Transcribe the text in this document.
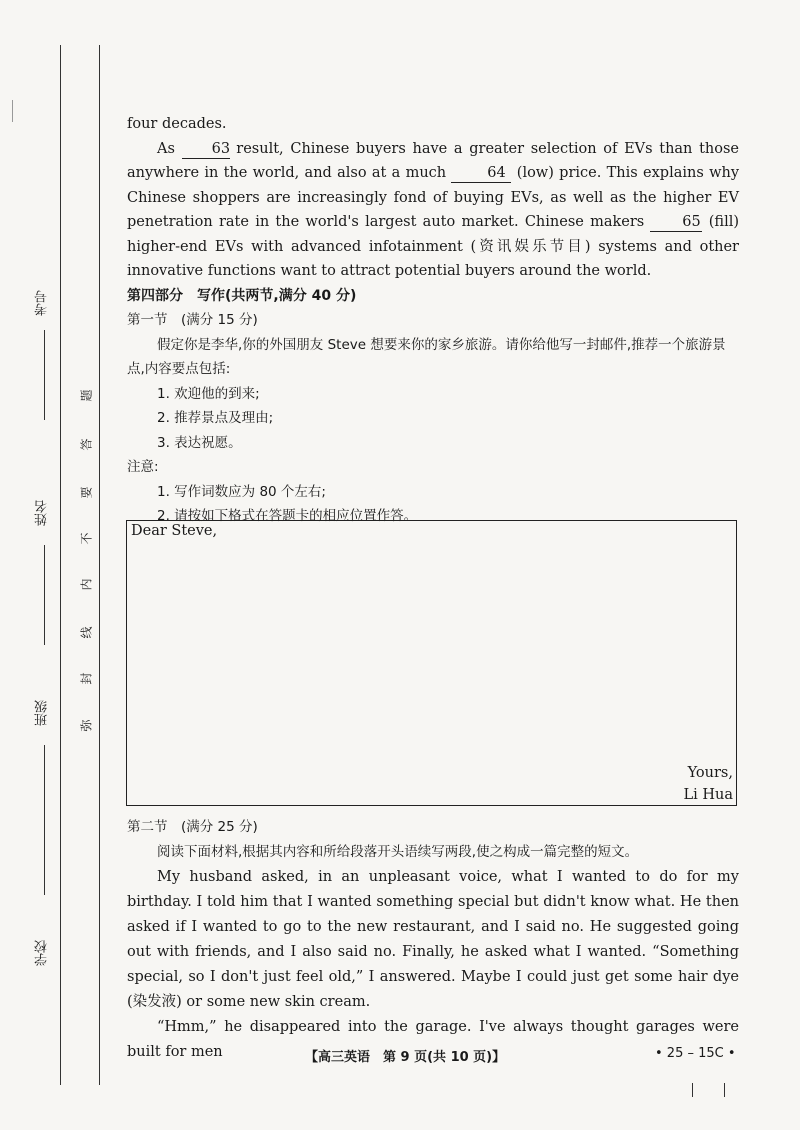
考号
姓名
班级
学校
题
答
要
不
内
线
封
弥

four decades.

As	63 result, Chinese buyers have a greater selection of EVs than those anywhere in the world, and also at a much	64 (low) price. This explains why Chinese shoppers are increasingly fond of buying EVs, as well as the higher EV penetration rate in the world's largest auto market. Chinese makers	65 (fill) higher-end EVs with advanced infotainment (资讯娱乐节目) systems and other innovative functions want to attract potential buyers around the world.

第四部分　写作(共两节,满分 40 分)

第一节　(满分 15 分)

假定你是李华,你的外国朋友 Steve 想要来你的家乡旅游。请你给他写一封邮件,推荐一个旅游景点,内容要点包括:

1. 欢迎他的到来;

2. 推荐景点及理由;

3. 表达祝愿。

注意:

1. 写作词数应为 80 个左右;

2. 请按如下格式在答题卡的相应位置作答。

Dear Steve,
Yours,
Li Hua

第二节　(满分 25 分)

阅读下面材料,根据其内容和所给段落开头语续写两段,使之构成一篇完整的短文。

My husband asked, in an unpleasant voice, what I wanted to do for my birthday. I told him that I wanted something special but didn't know what. He then asked if I wanted to go to the new restaurant, and I said no. He suggested going out with friends, and I also said no. Finally, he asked what I wanted. “Something special, so I don't just feel old,” I answered. Maybe I could just get some hair dye (染发液) or some new skin cream.

“Hmm,” he disappeared into the garage. I've always thought garages were built for men	【高三英语　第 9 页(共 10 页)】	• 25 – 15C •
